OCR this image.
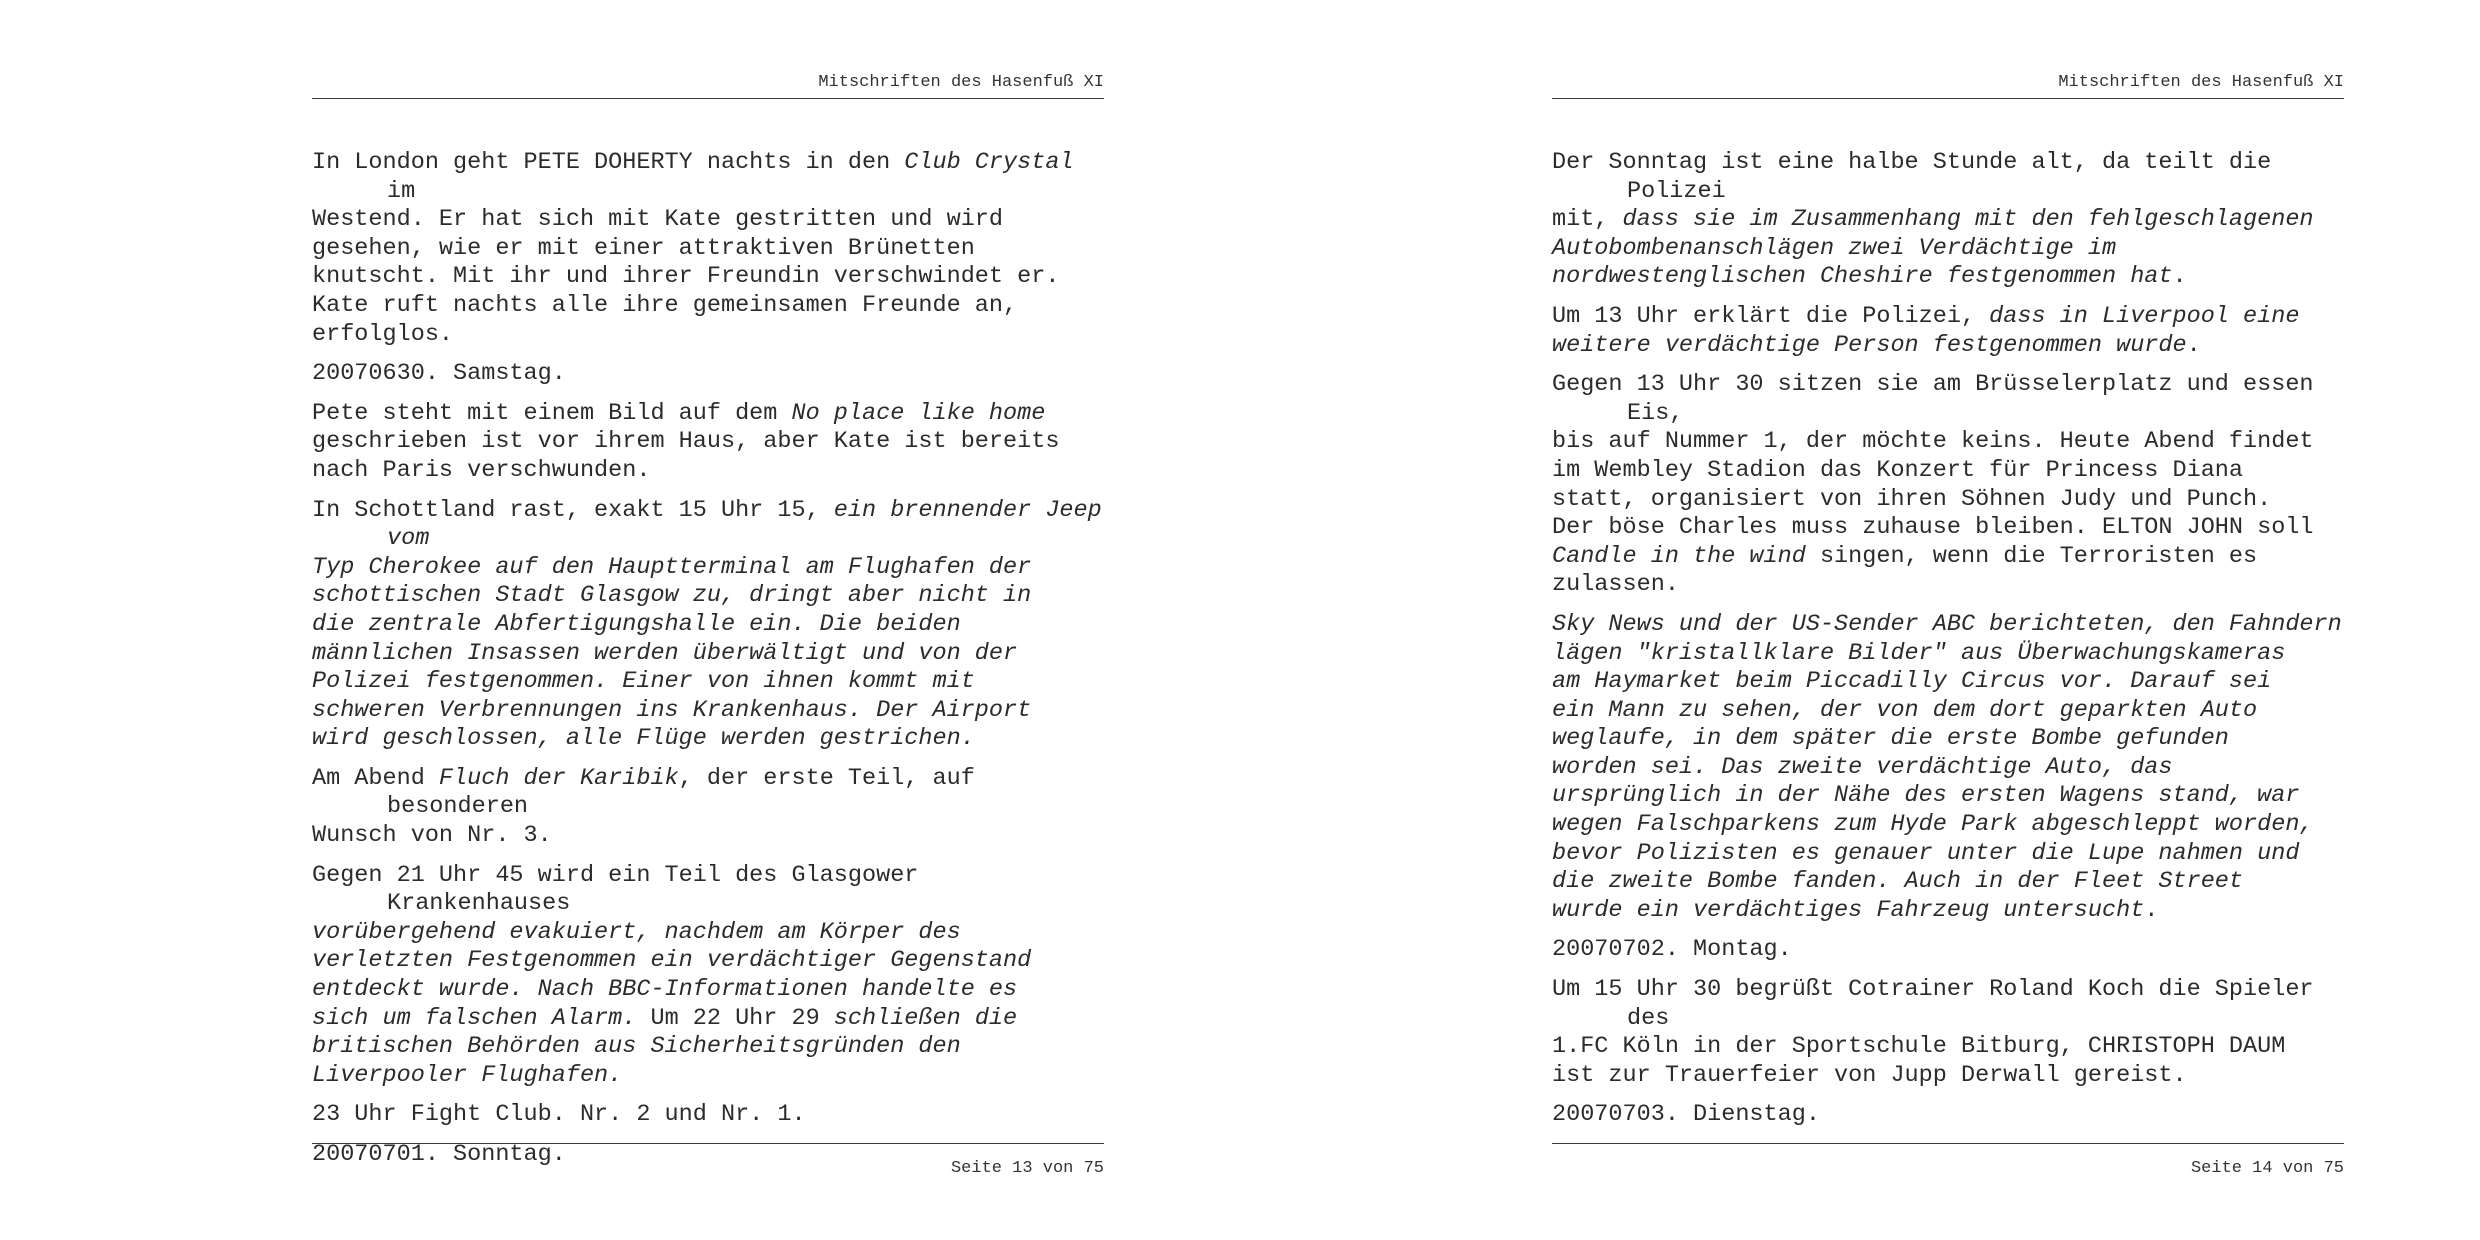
Mitschriften des Hasenfuß XI
In London geht PETE DOHERTY nachts in den Club Crystal im
Westend. Er hat sich mit Kate gestritten und wird
gesehen, wie er mit einer attraktiven Brünetten
knutscht. Mit ihr und ihrer Freundin verschwindet er.
Kate ruft nachts alle ihre gemeinsamen Freunde an,
erfolglos.
20070630. Samstag.
Pete steht mit einem Bild auf dem No place like home
geschrieben ist vor ihrem Haus, aber Kate ist bereits
nach Paris verschwunden.
In Schottland rast, exakt 15 Uhr 15, ein brennender Jeep vom
Typ Cherokee auf den Hauptterminal am Flughafen der
schottischen Stadt Glasgow zu, dringt aber nicht in
die zentrale Abfertigungshalle ein. Die beiden
männlichen Insassen werden überwältigt und von der
Polizei festgenommen. Einer von ihnen kommt mit
schweren Verbrennungen ins Krankenhaus. Der Airport
wird geschlossen, alle Flüge werden gestrichen.
Am Abend Fluch der Karibik, der erste Teil, auf besonderen
Wunsch von Nr. 3.
Gegen 21 Uhr 45 wird ein Teil des Glasgower Krankenhauses
vorübergehend evakuiert, nachdem am Körper des
verletzten Festgenommen ein verdächtiger Gegenstand
entdeckt wurde. Nach BBC-Informationen handelte es
sich um falschen Alarm. Um 22 Uhr 29 schließen die
britischen Behörden aus Sicherheitsgründen den
Liverpooler Flughafen.
23 Uhr Fight Club. Nr. 2 und Nr. 1.
20070701. Sonntag.
Seite 13 von 75
Mitschriften des Hasenfuß XI
Der Sonntag ist eine halbe Stunde alt, da teilt die Polizei
mit, dass sie im Zusammenhang mit den fehlgeschlagenen
Autobombenanschlägen zwei Verdächtige im
nordwestenglischen Cheshire festgenommen hat.
Um 13 Uhr erklärt die Polizei, dass in Liverpool eine
weitere verdächtige Person festgenommen wurde.
Gegen 13 Uhr 30 sitzen sie am Brüsselerplatz und essen Eis,
bis auf Nummer 1, der möchte keins. Heute Abend findet
im Wembley Stadion das Konzert für Princess Diana
statt, organisiert von ihren Söhnen Judy und Punch.
Der böse Charles muss zuhause bleiben. ELTON JOHN soll
Candle in the wind singen, wenn die Terroristen es
zulassen.
Sky News und der US-Sender ABC berichteten, den Fahndern
lägen "kristallklare Bilder" aus Überwachungskameras
am Haymarket beim Piccadilly Circus vor. Darauf sei
ein Mann zu sehen, der von dem dort geparkten Auto
weglaufe, in dem später die erste Bombe gefunden
worden sei. Das zweite verdächtige Auto, das
ursprünglich in der Nähe des ersten Wagens stand, war
wegen Falschparkens zum Hyde Park abgeschleppt worden,
bevor Polizisten es genauer unter die Lupe nahmen und
die zweite Bombe fanden. Auch in der Fleet Street
wurde ein verdächtiges Fahrzeug untersucht.
20070702. Montag.
Um 15 Uhr 30 begrüßt Cotrainer Roland Koch die Spieler des
1.FC Köln in der Sportschule Bitburg, CHRISTOPH DAUM
ist zur Trauerfeier von Jupp Derwall gereist.
20070703. Dienstag.
Seite 14 von 75
